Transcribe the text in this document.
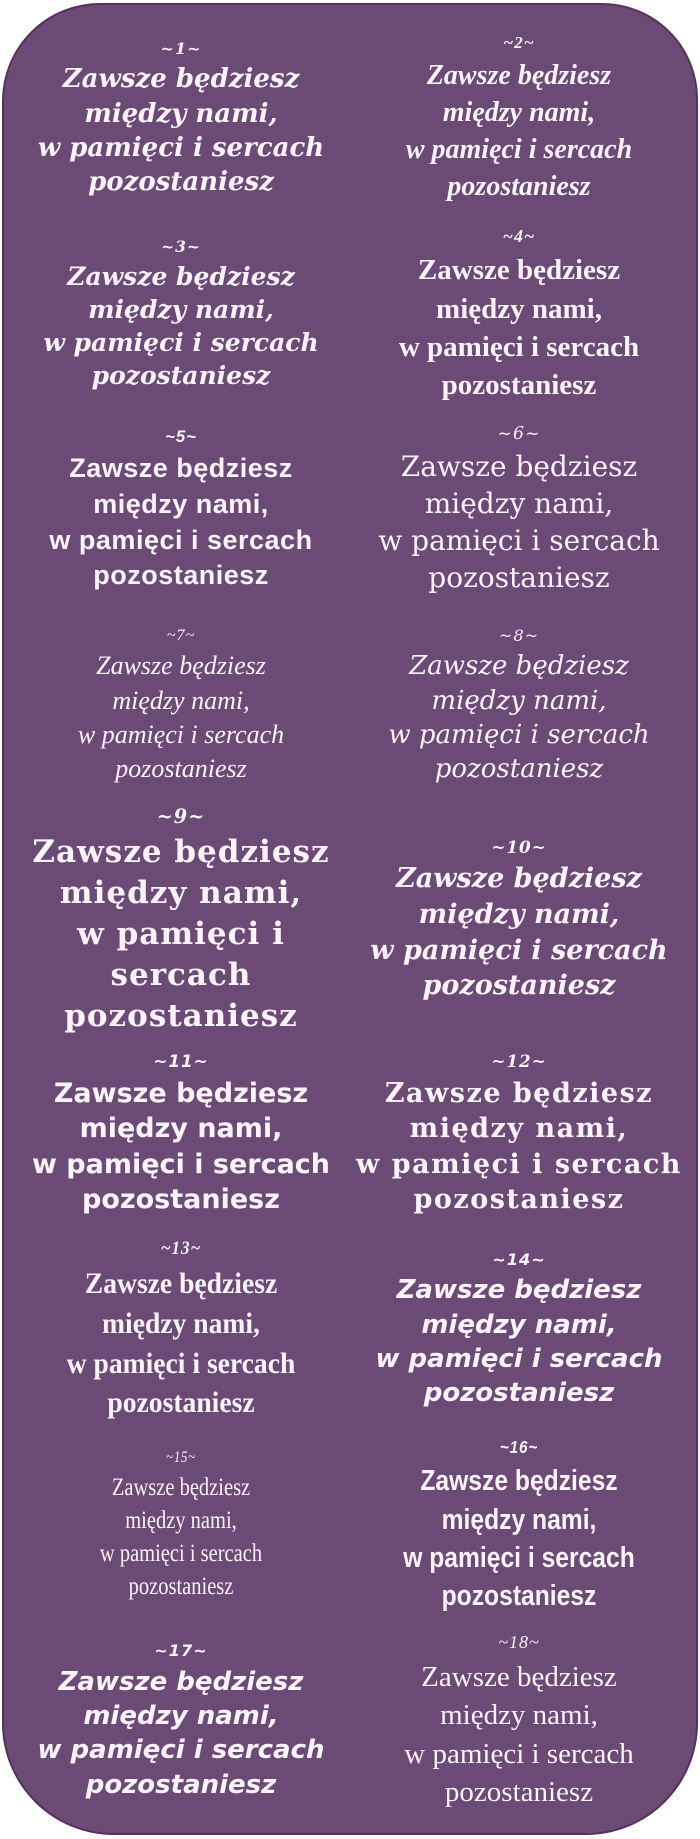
~1~
Zawsze będziesz
między nami,
w pamięci i sercach
pozostaniesz
~2~
Zawsze będziesz
między nami,
w pamięci i sercach
pozostaniesz
~3~
Zawsze będziesz
między nami,
w pamięci i sercach
pozostaniesz
~4~
Zawsze będziesz
między nami,
w pamięci i sercach
pozostaniesz
~5~
Zawsze będziesz
między nami,
w pamięci i sercach
pozostaniesz
~6~
Zawsze będziesz
między nami,
w pamięci i sercach
pozostaniesz
~7~
Zawsze będziesz
między nami,
w pamięci i sercach
pozostaniesz
~8~
Zawsze będziesz
między nami,
w pamięci i sercach
pozostaniesz
~9~
Zawsze będziesz
między nami,
w pamięci i sercach
pozostaniesz
~10~
Zawsze będziesz
między nami,
w pamięci i sercach
pozostaniesz
~11~
Zawsze będziesz
między nami,
w pamięci i sercach
pozostaniesz
~12~
Zawsze będziesz
między nami,
w pamięci i sercach
pozostaniesz
~13~
Zawsze będziesz
między nami,
w pamięci i sercach
pozostaniesz
~14~
Zawsze będziesz
między nami,
w pamięci i sercach
pozostaniesz
~15~
Zawsze będziesz
między nami,
w pamięci i sercach
pozostaniesz
~16~
Zawsze będziesz
między nami,
w pamięci i sercach
pozostaniesz
~17~
Zawsze będziesz
między nami,
w pamięci i sercach
pozostaniesz
~18~
Zawsze będziesz
między nami,
w pamięci i sercach
pozostaniesz
